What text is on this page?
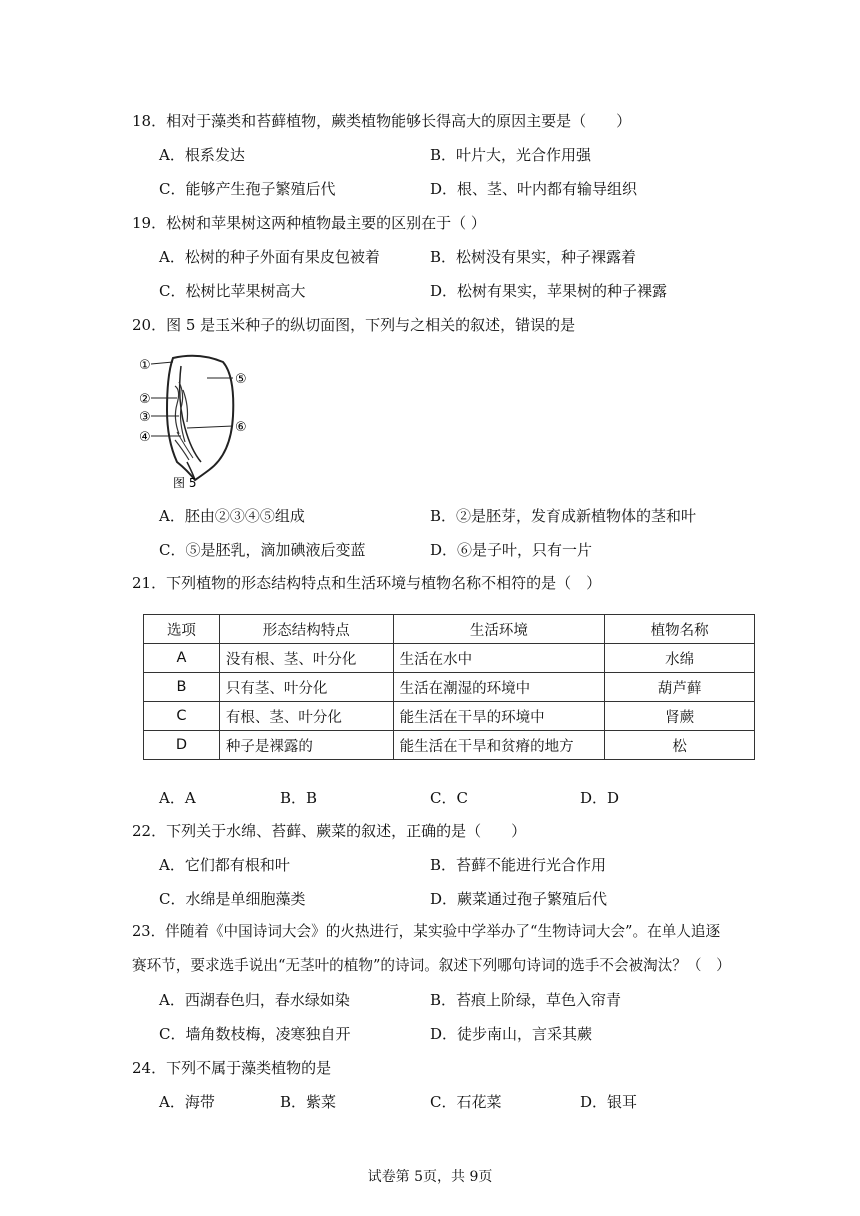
18．相对于藻类和苔藓植物，蕨类植物能够长得高大的原因主要是（　　）
A．根系发达	B．叶片大，光合作用强
C．能够产生孢子繁殖后代	D．根、茎、叶内都有输导组织
19．松树和苹果树这两种植物最主要的区别在于（ ）
A．松树的种子外面有果皮包被着	B．松树没有果实，种子裸露着
C．松树比苹果树高大	D．松树有果实，苹果树的种子裸露
20．图 5 是玉米种子的纵切面图，下列与之相关的叙述，错误的是
①
②
③
④
⑤
⑥
图 5
A．胚由②③④⑤组成	B．②是胚芽，发育成新植物体的茎和叶
C．⑤是胚乳，滴加碘液后变蓝	D．⑥是子叶，只有一片
21．下列植物的形态结构特点和生活环境与植物名称不相符的是（　）
选项	形态结构特点	生活环境	植物名称
A	没有根、茎、叶分化	生活在水中	水绵
B	只有茎、叶分化	生活在潮湿的环境中	葫芦藓
C	有根、茎、叶分化	能生活在干旱的环境中	肾蕨
D	种子是裸露的	能生活在干旱和贫瘠的地方	松
A．A	B．B	C．C	D．D
22．下列关于水绵、苔藓、蕨菜的叙述，正确的是（　　）
A．它们都有根和叶	B．苔藓不能进行光合作用
C．水绵是单细胞藻类	D．蕨菜通过孢子繁殖后代
23．伴随着《中国诗词大会》的火热进行，某实验中学举办了“生物诗词大会”。在单人追逐
赛环节，要求选手说出“无茎叶的植物”的诗词。叙述下列哪句诗词的选手不会被淘汰？（　）
A．西湖春色归，春水绿如染	B．苔痕上阶绿，草色入帘青
C．墙角数枝梅，凌寒独自开	D．徒步南山，言采其蕨
24．下列不属于藻类植物的是
A．海带	B．紫菜	C．石花菜	D．银耳
试卷第 5页，共 9页
